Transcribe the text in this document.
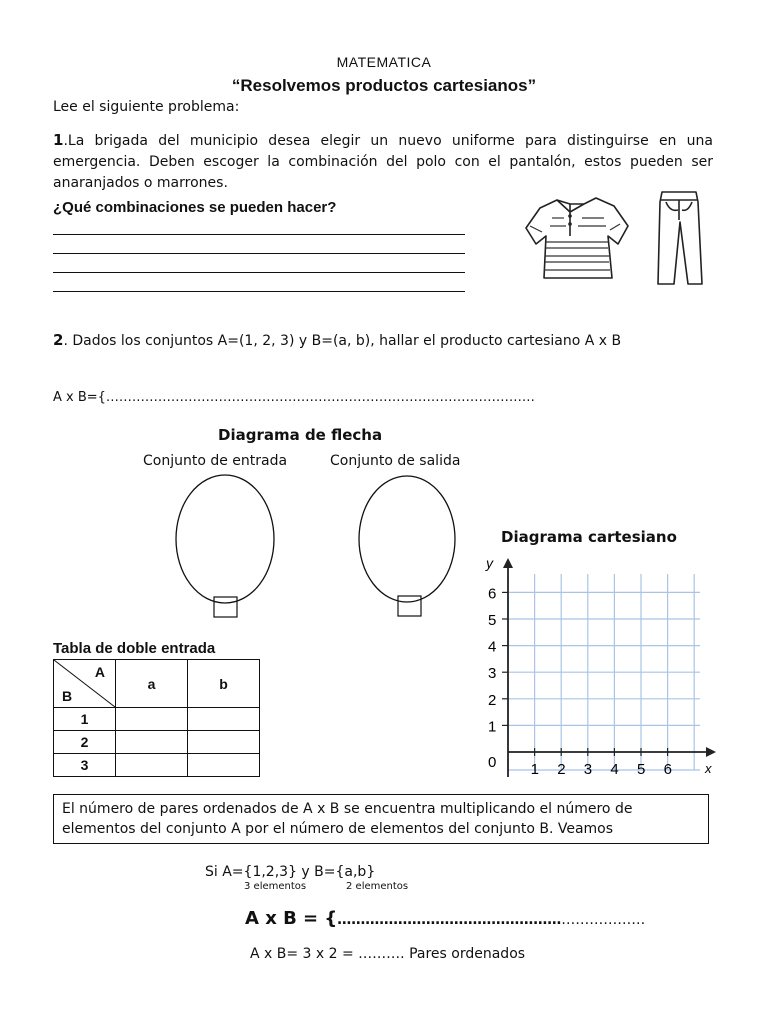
MATEMATICA
“Resolvemos productos cartesianos”
Lee el siguiente problema:
1.La brigada del municipio desea elegir un nuevo uniforme para distinguirse en una emergencia. Deben escoger la combinación del polo con el pantalón, estos pueden ser anaranjados o marrones.
¿Qué combinaciones se pueden hacer?
2. Dados los conjuntos A=(1, 2, 3) y B=(a, b), hallar el producto cartesiano A x B
A x B={………………………………………………………………………………………
Diagrama de flecha
Conjunto de entrada	Conjunto de salida
Tabla de doble entrada
A
B	a	b
1		
2		
3		
Diagrama cartesiano
y
x
0 1 2 3 4 5 6
1
2
3
4
5
6
El número de pares ordenados de A x B se encuentra multiplicando el número de elementos del conjunto A por el número de elementos del conjunto B. Veamos
Si A={1,2,3} y B={a,b}
3 elementos	2 elementos
A x B = {…………………………………………………………
A x B= 3 x 2 = ………. Pares ordenados
